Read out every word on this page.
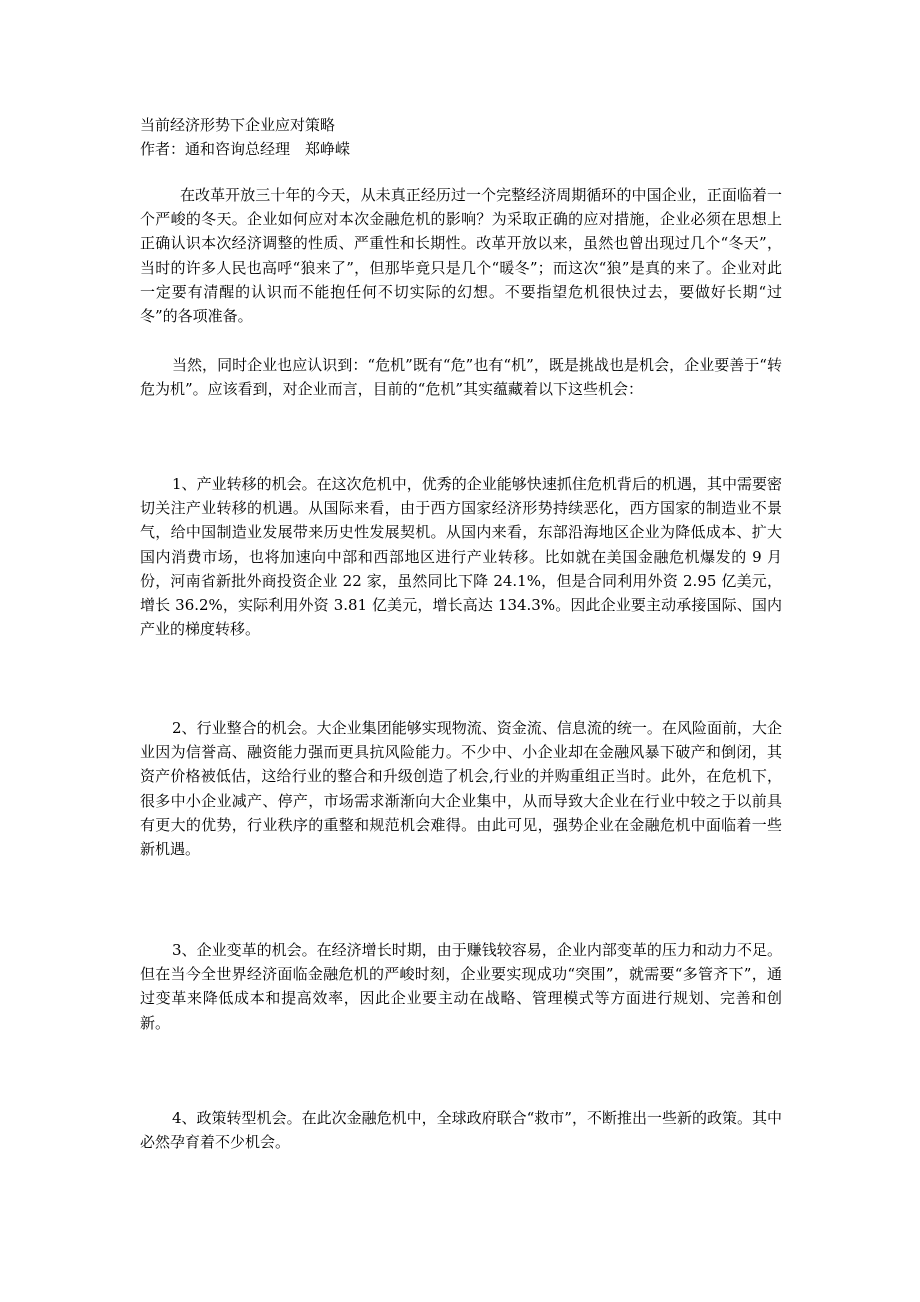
当前经济形势下企业应对策略
作者：通和咨询总经理　郑峥嵘

在改革开放三十年的今天，从未真正经历过一个完整经济周期循环的中国企业，正面临着一个严峻的冬天。企业如何应对本次金融危机的影响？为采取正确的应对措施，企业必须在思想上正确认识本次经济调整的性质、严重性和长期性。改革开放以来，虽然也曾出现过几个“冬天”，当时的许多人民也高呼“狼来了”，但那毕竟只是几个“暖冬”；而这次“狼”是真的来了。企业对此一定要有清醒的认识而不能抱任何不切实际的幻想。不要指望危机很快过去，要做好长期“过冬”的各项准备。

当然，同时企业也应认识到：“危机”既有“危”也有“机”，既是挑战也是机会，企业要善于“转危为机”。应该看到，对企业而言，目前的“危机”其实蕴藏着以下这些机会：

1、产业转移的机会。在这次危机中，优秀的企业能够快速抓住危机背后的机遇，其中需要密切关注产业转移的机遇。从国际来看，由于西方国家经济形势持续恶化，西方国家的制造业不景气，给中国制造业发展带来历史性发展契机。从国内来看，东部沿海地区企业为降低成本、扩大国内消费市场，也将加速向中部和西部地区进行产业转移。比如就在美国金融危机爆发的 9 月份，河南省新批外商投资企业 22 家，虽然同比下降 24.1%，但是合同利用外资 2.95 亿美元，增长 36.2%，实际利用外资 3.81 亿美元，增长高达 134.3%。因此企业要主动承接国际、国内产业的梯度转移。

2、行业整合的机会。大企业集团能够实现物流、资金流、信息流的统一。在风险面前，大企业因为信誉高、融资能力强而更具抗风险能力。不少中、小企业却在金融风暴下破产和倒闭，其资产价格被低估，这给行业的整合和升级创造了机会,行业的并购重组正当时。此外，在危机下，很多中小企业减产、停产，市场需求渐渐向大企业集中，从而导致大企业在行业中较之于以前具有更大的优势，行业秩序的重整和规范机会难得。由此可见，强势企业在金融危机中面临着一些新机遇。

3、企业变革的机会。在经济增长时期，由于赚钱较容易，企业内部变革的压力和动力不足。但在当今全世界经济面临金融危机的严峻时刻，企业要实现成功“突围”，就需要“多管齐下”，通过变革来降低成本和提高效率，因此企业要主动在战略、管理模式等方面进行规划、完善和创新。

4、政策转型机会。在此次金融危机中，全球政府联合“救市”，不断推出一些新的政策。其中必然孕育着不少机会。
